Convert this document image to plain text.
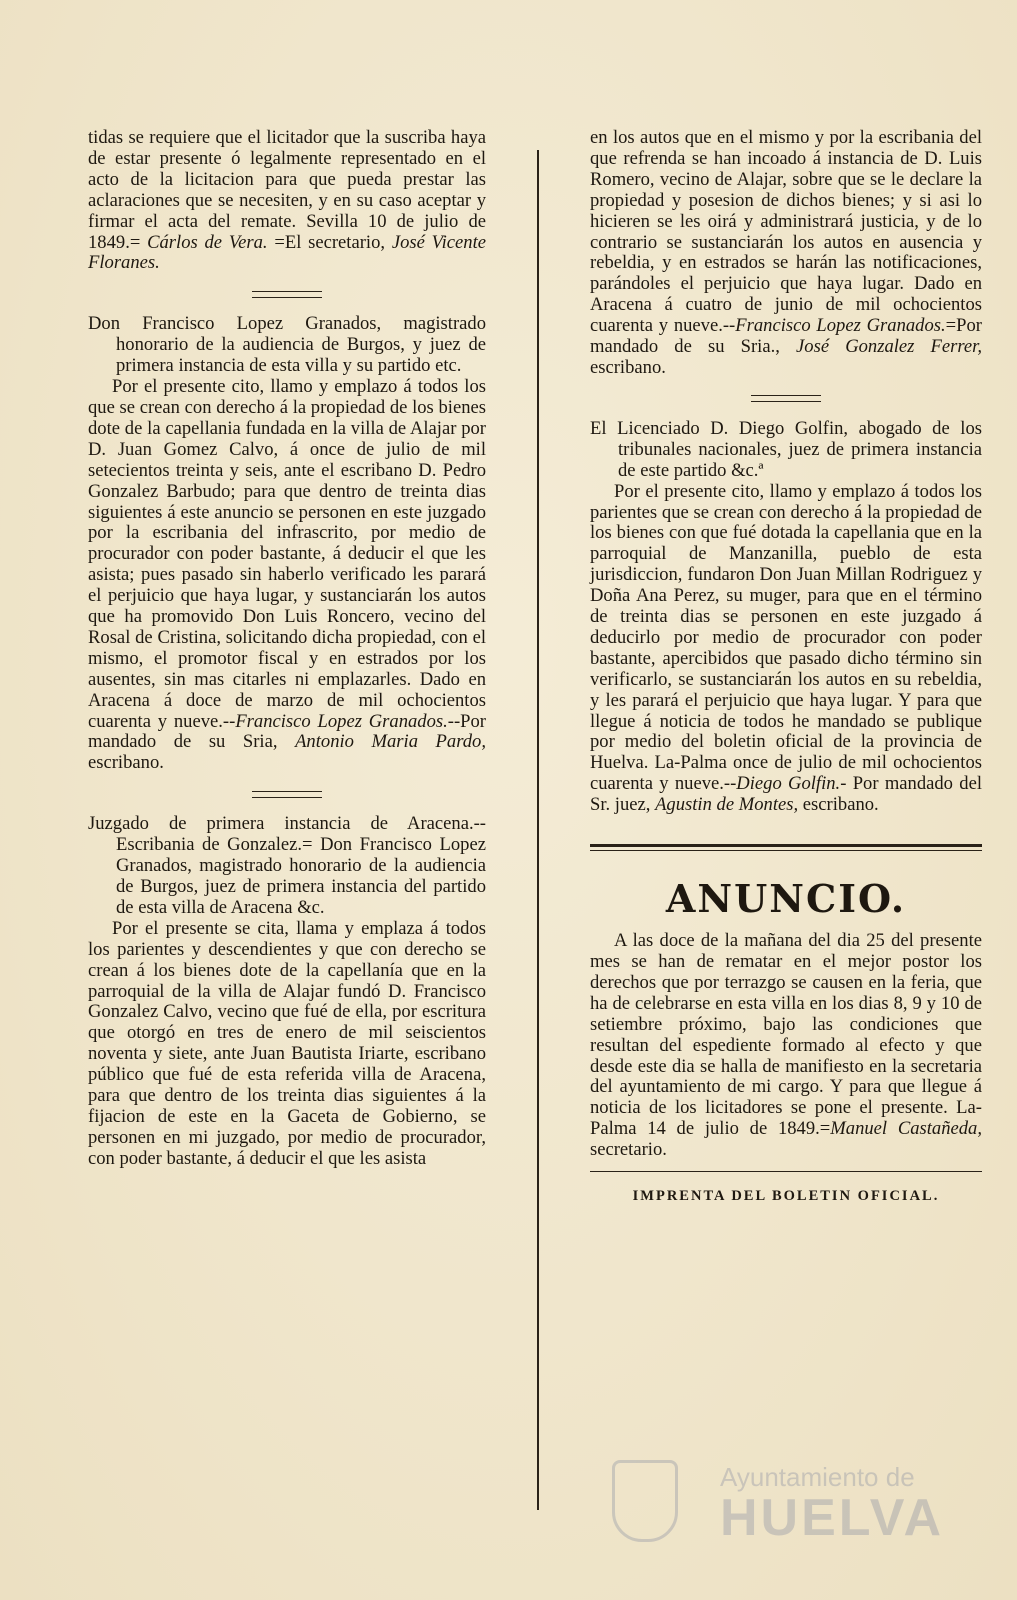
tidas se requiere que el licitador que la suscriba haya de estar presente ó legalmente representado en el acto de la licitacion para que pueda prestar las aclaraciones que se necesiten, y en su caso aceptar y firmar el acta del remate. Sevilla 10 de julio de 1849.= Cárlos de Vera. =El secretario, José Vicente Floranes.

Don Francisco Lopez Granados, magistrado honorario de la audiencia de Burgos, y juez de primera instancia de esta villa y su partido etc.

Por el presente cito, llamo y emplazo á todos los que se crean con derecho á la propiedad de los bienes dote de la capellania fundada en la villa de Alajar por D. Juan Gomez Calvo, á once de julio de mil setecientos treinta y seis, ante el escribano D. Pedro Gonzalez Barbudo; para que dentro de treinta dias siguientes á este anuncio se personen en este juzgado por la escribania del infrascrito, por medio de procurador con poder bastante, á deducir el que les asista; pues pasado sin haberlo verificado les parará el perjuicio que haya lugar, y sustanciarán los autos que ha promovido Don Luis Roncero, vecino del Rosal de Cristina, solicitando dicha propiedad, con el mismo, el promotor fiscal y en estrados por los ausentes, sin mas citarles ni emplazarles. Dado en Aracena á doce de marzo de mil ochocientos cuarenta y nueve.--Francisco Lopez Granados.--Por mandado de su Sria, Antonio Maria Pardo, escribano.

Juzgado de primera instancia de Aracena.-- Escribania de Gonzalez.= Don Francisco Lopez Granados, magistrado honorario de la audiencia de Burgos, juez de primera instancia del partido de esta villa de Aracena &c.

Por el presente se cita, llama y emplaza á todos los parientes y descendientes y que con derecho se crean á los bienes dote de la capellanía que en la parroquial de la villa de Alajar fundó D. Francisco Gonzalez Calvo, vecino que fué de ella, por escritura que otorgó en tres de enero de mil seiscientos noventa y siete, ante Juan Bautista Iriarte, escribano público que fué de esta referida villa de Aracena, para que dentro de los treinta dias siguientes á la fijacion de este en la Gaceta de Gobierno, se personen en mi juzgado, por medio de procurador, con poder bastante, á deducir el que les asista

en los autos que en el mismo y por la escribania del que refrenda se han incoado á instancia de D. Luis Romero, vecino de Alajar, sobre que se le declare la propiedad y posesion de dichos bienes; y si asi lo hicieren se les oirá y administrará justicia, y de lo contrario se sustanciarán los autos en ausencia y rebeldia, y en estrados se harán las notificaciones, parándoles el perjuicio que haya lugar. Dado en Aracena á cuatro de junio de mil ochocientos cuarenta y nueve.--Francisco Lopez Granados.=Por mandado de su Sria., José Gonzalez Ferrer, escribano.

El Licenciado D. Diego Golfin, abogado de los tribunales nacionales, juez de primera instancia de este partido &c.ª

Por el presente cito, llamo y emplazo á todos los parientes que se crean con derecho á la propiedad de los bienes con que fué dotada la capellania que en la parroquial de Manzanilla, pueblo de esta jurisdiccion, fundaron Don Juan Millan Rodriguez y Doña Ana Perez, su muger, para que en el término de treinta dias se personen en este juzgado á deducirlo por medio de procurador con poder bastante, apercibidos que pasado dicho término sin verificarlo, se sustanciarán los autos en su rebeldia, y les parará el perjuicio que haya lugar. Y para que llegue á noticia de todos he mandado se publique por medio del boletin oficial de la provincia de Huelva. La-Palma once de julio de mil ochocientos cuarenta y nueve.--Diego Golfin.- Por mandado del Sr. juez, Agustin de Montes, escribano.

ANUNCIO.

A las doce de la mañana del dia 25 del presente mes se han de rematar en el mejor postor los derechos que por terrazgo se causen en la feria, que ha de celebrarse en esta villa en los dias 8, 9 y 10 de setiembre próximo, bajo las condiciones que resultan del espediente formado al efecto y que desde este dia se halla de manifiesto en la secretaria del ayuntamiento de mi cargo. Y para que llegue á noticia de los licitadores se pone el presente. La-Palma 14 de julio de 1849.=Manuel Castañeda, secretario.

IMPRENTA DEL BOLETIN OFICIAL.
Ayuntamiento de
HUELVA
